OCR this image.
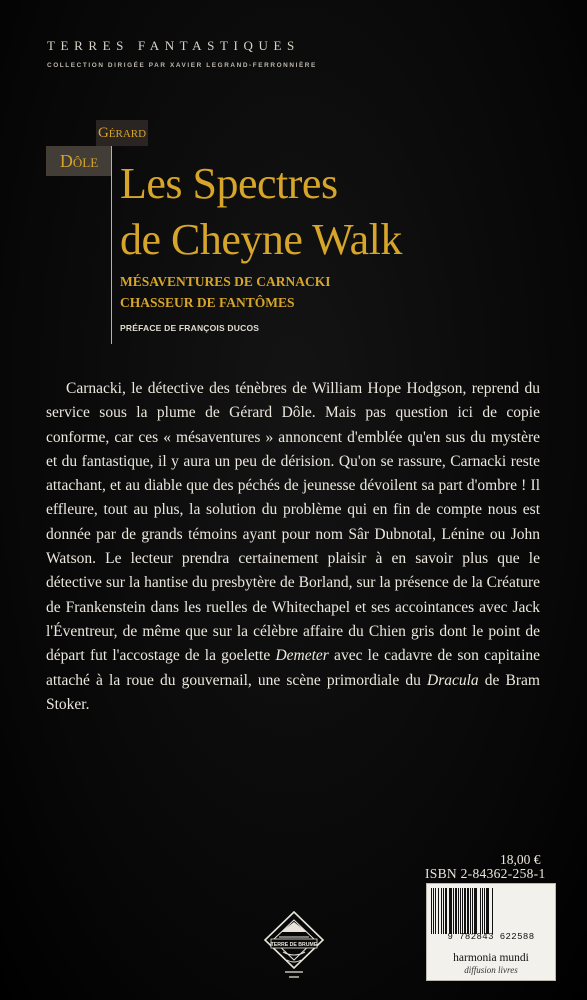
TERRES FANTASTIQUES
COLLECTION DIRIGÉE PAR XAVIER LEGRAND-FERRONNIÈRE
Gérard
Dôle Les Spectres
de Cheyne Walk
MÉSAVENTURES DE CARNACKI
CHASSEUR DE FANTÔMES
PRÉFACE DE FRANÇOIS DUCOS
Carnacki, le détective des ténèbres de William Hope Hodgson, reprend du service sous la plume de Gérard Dôle. Mais pas question ici de copie conforme, car ces « mésaventures » annoncent d'emblée qu'en sus du mystère et du fantastique, il y aura un peu de dérision. Qu'on se rassure, Carnacki reste attachant, et au diable que des péchés de jeunesse dévoilent sa part d'ombre ! Il effleure, tout au plus, la solution du problème qui en fin de compte nous est donnée par de grands témoins ayant pour nom Sâr Dubnotal, Lénine ou John Watson. Le lecteur prendra certainement plaisir à en savoir plus que le détective sur la hantise du presbytère de Borland, sur la présence de la Créature de Frankenstein dans les ruelles de Whitechapel et ses accointances avec Jack l'Éventreur, de même que sur la célèbre affaire du Chien gris dont le point de départ fut l'accostage de la goelette Demeter avec le cadavre de son capitaine attaché à la roue du gouvernail, une scène primordiale du Dracula de Bram Stoker.
TERRE DE BRUME
18,00 €
ISBN 2-84362-258-1
9 782843 622588
harmonia mundi
diffusion livres
